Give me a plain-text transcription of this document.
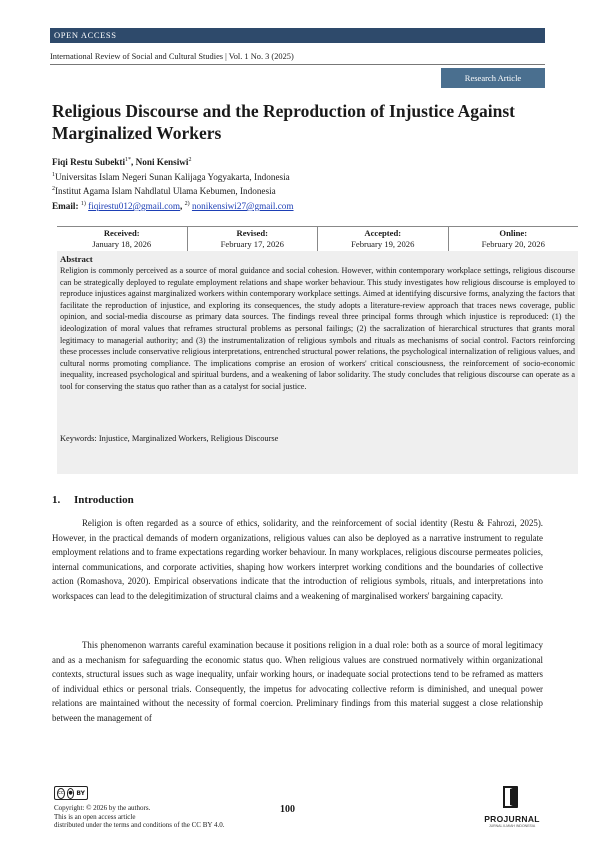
OPEN ACCESS
International Review of Social and Cultural Studies | Vol. 1 No. 3 (2025)
Research Article
Religious Discourse and the Reproduction of Injustice Against Marginalized Workers
Fiqi Restu Subekti$^{1*}$, Noni Kensiwi$^2$
$^1$Universitas Islam Negeri Sunan Kalijaga Yogyakarta, Indonesia
$^2$Institut Agama Islam Nahdlatul Ulama Kebumen, Indonesia
Email: $^{1)}$ fiqirestu012@gmail.com, $^{2)}$ nonikensiwi27@gmail.com
Received:
January 18, 2026
Revised:
February 17, 2026
Accepted:
February 19, 2026
Online:
February 20, 2026
Abstract

Religion is commonly perceived as a source of moral guidance and social cohesion. However, within contemporary workplace settings, religious discourse can be strategically deployed to regulate employment relations and shape worker behaviour. This study investigates how religious discourse is employed to reproduce injustices against marginalized workers within contemporary workplace settings. Aimed at identifying discursive forms, analyzing the factors that facilitate the reproduction of injustice, and exploring its consequences, the study adopts a literature-review approach that traces news coverage, public opinion, and social-media discourse as primary data sources. The findings reveal three principal forms through which injustice is reproduced: (1) the ideologization of moral values that reframes structural problems as personal failings; (2) the sacralization of hierarchical structures that grants moral legitimacy to managerial authority; and (3) the instrumentalization of religious symbols and rituals as mechanisms of social control. Factors reinforcing these processes include conservative religious interpretations, entrenched structural power relations, the psychological internalization of religious values, and cultural norms promoting compliance. The implications comprise an erosion of workers' critical consciousness, the reinforcement of socio-economic inequality, increased psychological and spiritual burdens, and a weakening of labor solidarity. The study concludes that religious discourse can operate as a tool for conserving the status quo rather than as a catalyst for social justice.

Keywords: Injustice, Marginalized Workers, Religious Discourse
1. Introduction

Religion is often regarded as a source of ethics, solidarity, and the reinforcement of social identity (Restu & Fahrozi, 2025). However, in the practical demands of modern organizations, religious values can also be deployed as a narrative instrument to regulate employment relations and to frame expectations regarding worker behaviour. In many workplaces, religious discourse permeates policies, internal communications, and corporate activities, shaping how workers interpret working conditions and the boundaries of collective action (Romashova, 2020). Empirical observations indicate that the introduction of religious symbols, rituals, and interpretations into workspaces can lead to the delegitimization of structural claims and a weakening of marginalised workers' bargaining capacity.

This phenomenon warrants careful examination because it positions religion in a dual role: both as a source of moral legitimacy and as a mechanism for safeguarding the economic status quo. When religious values are construed normatively within organizational contexts, structural issues such as wage inequality, unfair working hours, or inadequate social protections tend to be reframed as matters of individual ethics or personal trials. Consequently, the impetus for advocating collective reform is diminished, and unequal power relations are maintained without the necessity of formal coercion. Preliminary findings from this material suggest a close relationship between the management of

cc ● BY
Copyright: © 2026 by the authors.
This is an open access article
distributed under the terms and conditions of the CC BY 4.0.
100
PROJURNAL
JURNAL ILMIAH INDONESIA
